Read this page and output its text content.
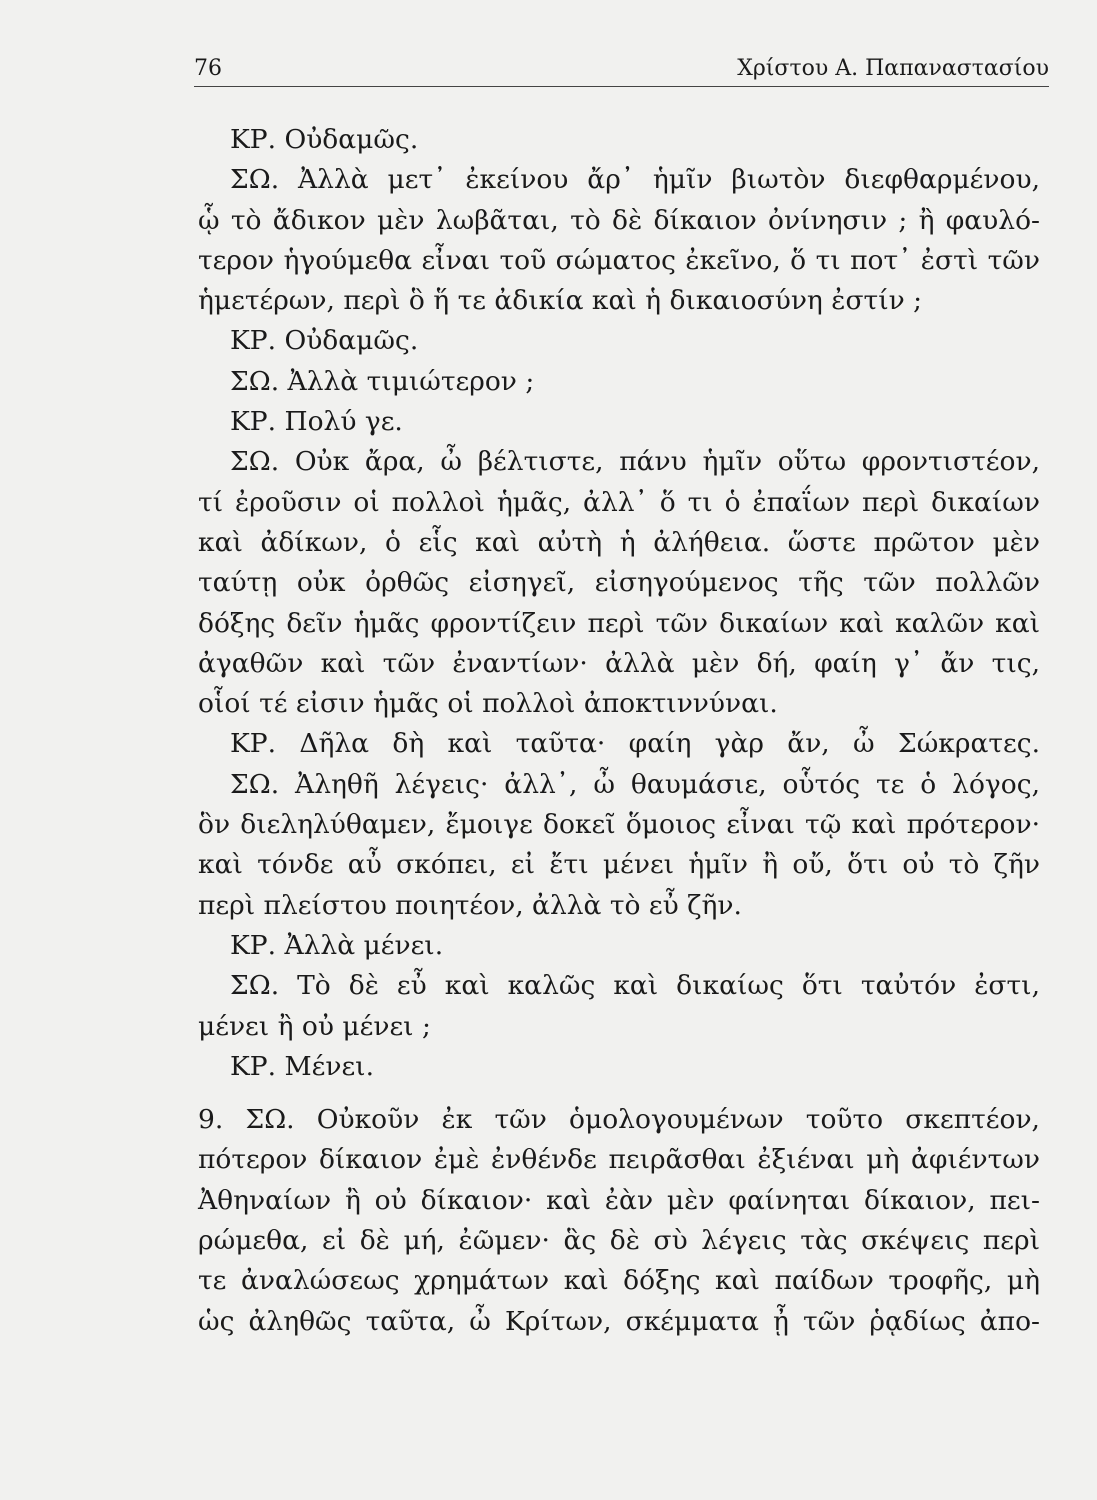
76	Χρίστου Α. Παπαναστασίου
ΚΡ. Οὐδαμῶς.
ΣΩ. Ἀλλὰ μετ᾽ ἐκείνου ἄρ᾽ ἡμῖν βιωτὸν διεφθαρμένου,
ᾧ τὸ ἄδικον μὲν λωβᾶται, τὸ δὲ δίκαιον ὀνίνησιν ; ἢ φαυλό-
τερον ἡγούμεθα εἶναι τοῦ σώματος ἐκεῖνο, ὅ τι ποτ᾽ ἐστὶ τῶν
ἡμετέρων, περὶ ὃ ἥ τε ἀδικία καὶ ἡ δικαιοσύνη ἐστίν ;
ΚΡ. Οὐδαμῶς.
ΣΩ. Ἀλλὰ τιμιώτερον ;
ΚΡ. Πολύ γε.
ΣΩ. Οὐκ ἄρα, ὦ βέλτιστε, πάνυ ἡμῖν οὕτω φροντιστέον,
τί ἐροῦσιν οἱ πολλοὶ ἡμᾶς, ἀλλ᾽ ὅ τι ὁ ἐπαΐων περὶ δικαίων
καὶ ἀδίκων, ὁ εἷς καὶ αὐτὴ ἡ ἀλήθεια. ὥστε πρῶτον μὲν
ταύτῃ οὐκ ὀρθῶς εἰσηγεῖ, εἰσηγούμενος τῆς τῶν πολλῶν
δόξης δεῖν ἡμᾶς φροντίζειν περὶ τῶν δικαίων καὶ καλῶν καὶ
ἀγαθῶν καὶ τῶν ἐναντίων· ἀλλὰ μὲν δή, φαίη γ᾽ ἄν τις,
οἷοί τέ εἰσιν ἡμᾶς οἱ πολλοὶ ἀποκτιννύναι.
ΚΡ. Δῆλα δὴ καὶ ταῦτα· φαίη γὰρ ἄν, ὦ Σώκρατες.
ΣΩ. Ἀληθῆ λέγεις· ἀλλ᾽, ὦ θαυμάσιε, οὗτός τε ὁ λόγος,
ὃν διεληλύθαμεν, ἔμοιγε δοκεῖ ὅμοιος εἶναι τῷ καὶ πρότερον·
καὶ τόνδε αὖ σκόπει, εἰ ἔτι μένει ἡμῖν ἢ οὔ, ὅτι οὐ τὸ ζῆν
περὶ πλείστου ποιητέον, ἀλλὰ τὸ εὖ ζῆν.
ΚΡ. Ἀλλὰ μένει.
ΣΩ. Τὸ δὲ εὖ καὶ καλῶς καὶ δικαίως ὅτι ταὐτόν ἐστι,
μένει ἢ οὐ μένει ;
ΚΡ. Μένει.
9. ΣΩ. Οὐκοῦν ἐκ τῶν ὁμολογουμένων τοῦτο σκεπτέον,
πότερον δίκαιον ἐμὲ ἐνθένδε πειρᾶσθαι ἐξιέναι μὴ ἀφιέντων
Ἀθηναίων ἢ οὐ δίκαιον· καὶ ἐὰν μὲν φαίνηται δίκαιον, πει-
ρώμεθα, εἰ δὲ μή, ἐῶμεν· ἃς δὲ σὺ λέγεις τὰς σκέψεις περὶ
τε ἀναλώσεως χρημάτων καὶ δόξης καὶ παίδων τροφῆς, μὴ
ὡς ἀληθῶς ταῦτα, ὦ Κρίτων, σκέμματα ᾖ τῶν ῥᾳδίως ἀπο-
